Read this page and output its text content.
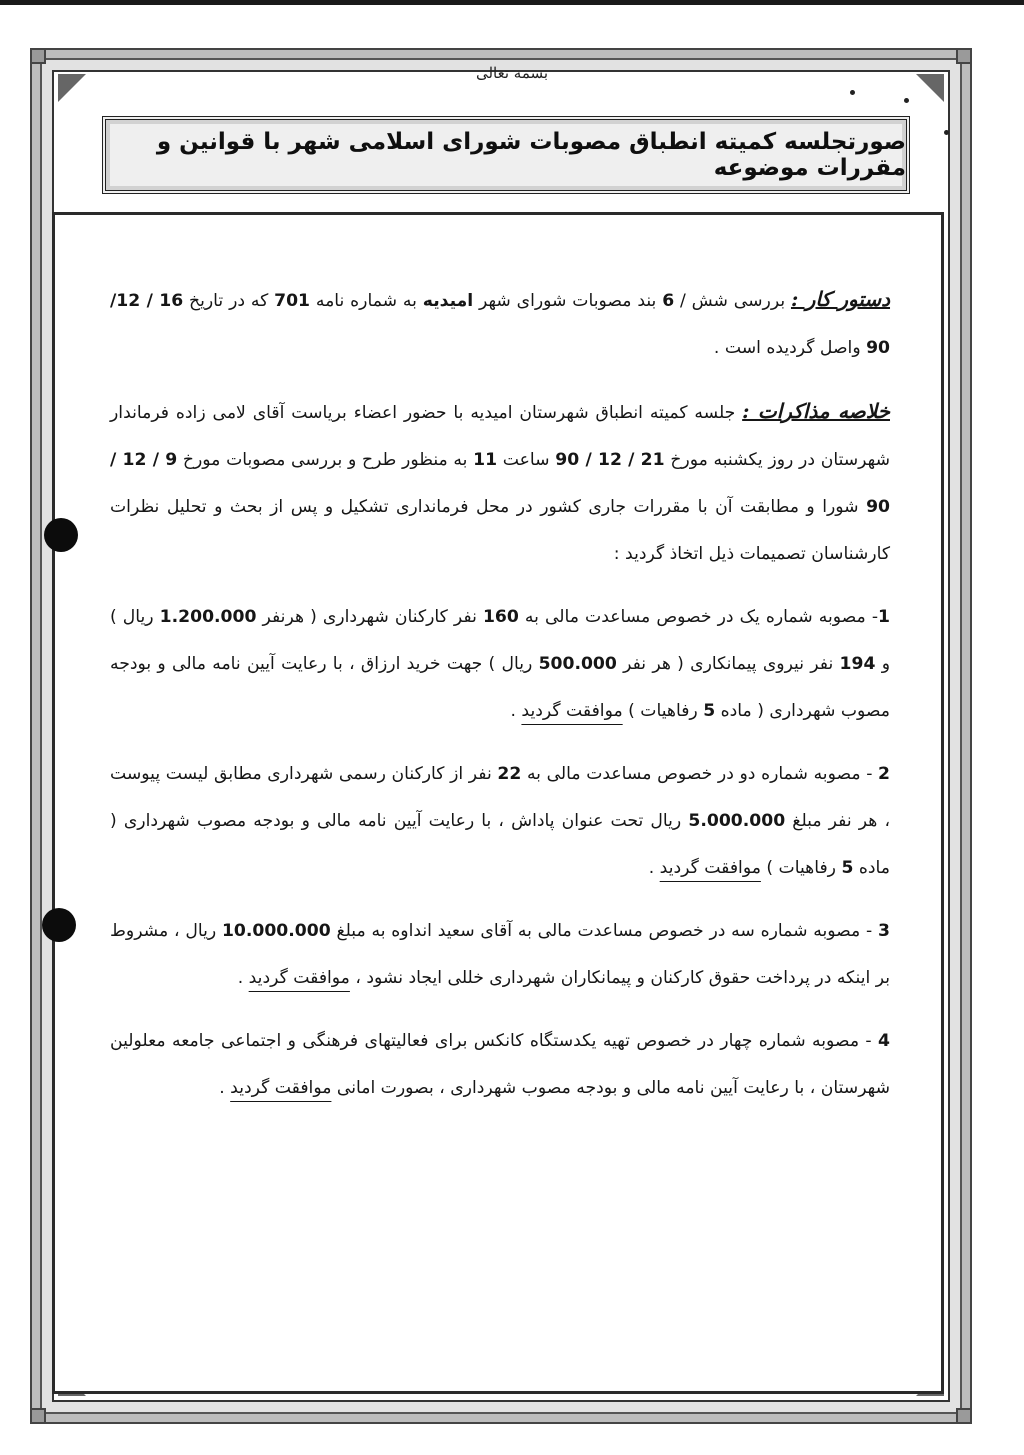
بسمه تعالی
صورتجلسه کمیته انطباق مصوبات شورای اسلامی شهر با قوانین و مقررات موضوعه

دستور کار : بررسی شش / 6 بند مصوبات شورای شهر امیدیه به شماره نامه 701 که در تاریخ 16 / 12/ 90 واصل گردیده است .

خلاصه مذاکرات : جلسه کمیته انطباق شهرستان امیدیه با حضور اعضاء بریاست آقای لامی زاده فرماندار شهرستان در روز یکشنبه مورخ 21 / 12 / 90 ساعت 11 به منظور طرح و بررسی مصوبات مورخ 9 / 12 / 90 شورا و مطابقت آن با مقررات جاری کشور در محل فرمانداری تشکیل و پس از بحث و تحلیل نظرات کارشناسان تصمیمات ذیل اتخاذ گردید :

1- مصوبه شماره یک در خصوص مساعدت مالی به 160 نفر کارکنان شهرداری ( هرنفر 1.200.000 ریال ) و 194 نفر نیروی پیمانکاری ( هر نفر 500.000 ریال ) جهت خرید ارزاق ، با رعایت آیین نامه مالی و بودجه مصوب شهرداری ( ماده 5 رفاهیات ) موافقت گردید .

2 - مصوبه شماره دو در خصوص مساعدت مالی به 22 نفر از کارکنان رسمی شهرداری مطابق لیست پیوست ، هر نفر مبلغ 5.000.000 ریال تحت عنوان پاداش ، با رعایت آیین نامه مالی و بودجه مصوب شهرداری ( ماده 5 رفاهیات ) موافقت گردید .

3 - مصوبه شماره سه در خصوص مساعدت مالی به آقای سعید انداوه به مبلغ 10.000.000 ریال ، مشروط بر اینکه در پرداخت حقوق کارکنان و پیمانکاران شهرداری خللی ایجاد نشود ، موافقت گردید .

4 - مصوبه شماره چهار در خصوص تهیه یکدستگاه کانکس برای فعالیتهای فرهنگی و اجتماعی جامعه معلولین شهرستان ، با رعایت آیین نامه مالی و بودجه مصوب شهرداری ، بصورت امانی موافقت گردید .
